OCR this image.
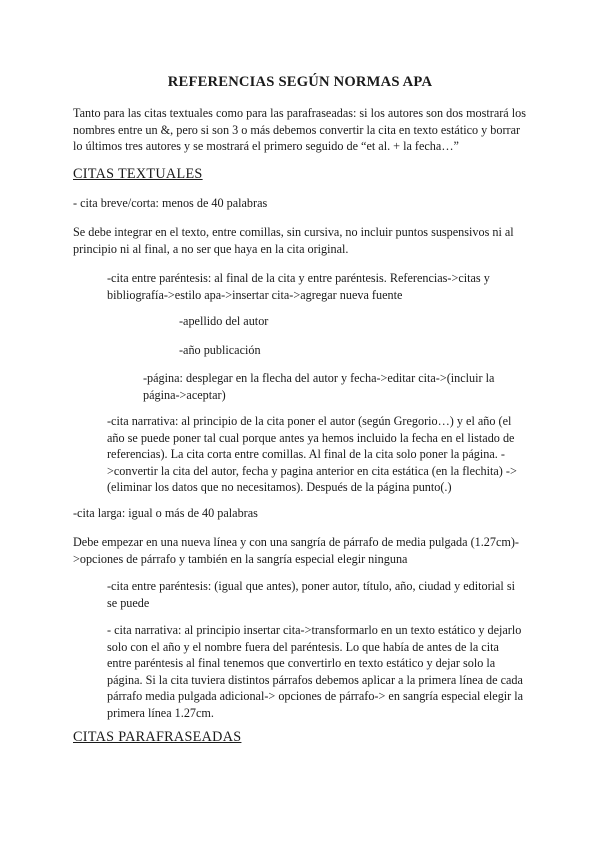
REFERENCIAS SEGÚN NORMAS APA

Tanto para las citas textuales como para las parafraseadas: si los autores son dos mostrará los nombres entre un &, pero si son 3 o más debemos convertir la cita en texto estático y borrar lo últimos tres autores y se mostrará el primero seguido de “et al. + la fecha…”

CITAS TEXTUALES

- cita breve/corta: menos de 40 palabras

Se debe integrar en el texto, entre comillas, sin cursiva, no incluir puntos suspensivos ni al principio ni al final, a no ser que haya en la cita original.

-cita entre paréntesis: al final de la cita y entre paréntesis. Referencias->citas y bibliografía->estilo apa->insertar cita->agregar nueva fuente

-apellido del autor

-año publicación

-página: desplegar en la flecha del autor y fecha->editar cita->(incluir la página->aceptar)

-cita narrativa: al principio de la cita poner el autor (según Gregorio…) y el año (el año se puede poner tal cual porque antes ya hemos incluido la fecha en el listado de referencias). La cita corta entre comillas. Al final de la cita solo poner la página. ->convertir la cita del autor, fecha y pagina anterior en cita estática (en la flechita) ->(eliminar los datos que no necesitamos). Después de la página punto(.)

-cita larga: igual o más de 40 palabras

Debe empezar en una nueva línea y con una sangría de párrafo de media pulgada (1.27cm)->opciones de párrafo y también en la sangría especial elegir ninguna

-cita entre paréntesis: (igual que antes), poner autor, título, año, ciudad y editorial si se puede

- cita narrativa: al principio insertar cita->transformarlo en un texto estático y dejarlo solo con el año y el nombre fuera del paréntesis. Lo que había de antes de la cita entre paréntesis al final tenemos que convertirlo en texto estático y dejar solo la página. Si la cita tuviera distintos párrafos debemos aplicar a la primera línea de cada párrafo media pulgada adicional-> opciones de párrafo-> en sangría especial elegir la primera línea 1.27cm.

CITAS PARAFRASEADAS
